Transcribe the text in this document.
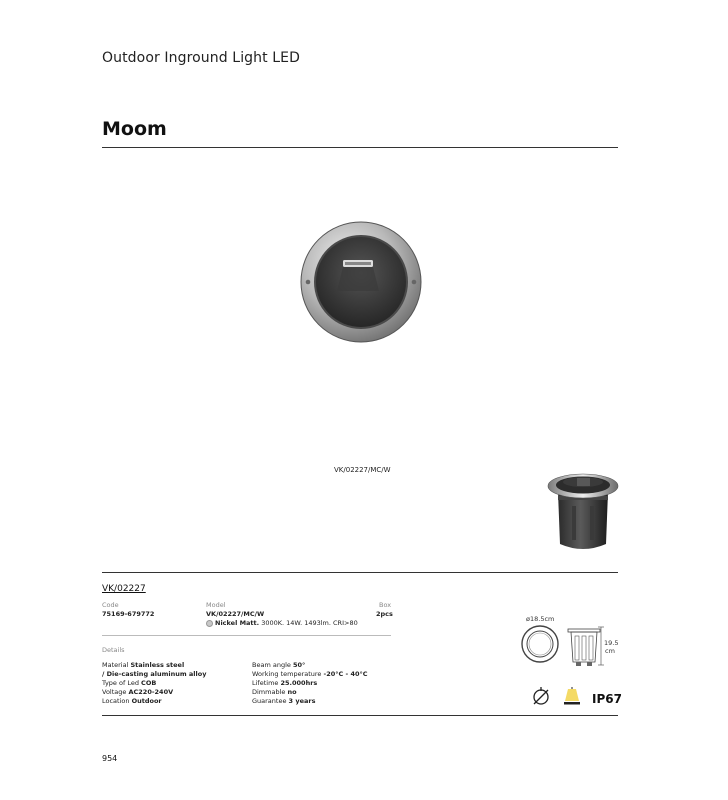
Outdoor Inground Light LED
Moom
VK/02227/MC/W
VK/02227
Code
75169-679772
Model
VK/02227/MC/W
Nickel Matt. 3000K. 14W. 1493lm. CRI>80
Box
2pcs
Details
Material Stainless steel
/ Die-casting aluminum alloy
Type of Led COB
Voltage AC220-240V
Location Outdoor
Beam angle 50°
Working temperature -20°C - 40°C
Lifetime 25.000hrs
Dimmable no
Guarantee 3 years
ø18.5cm
19.5
cm
IP67
954
